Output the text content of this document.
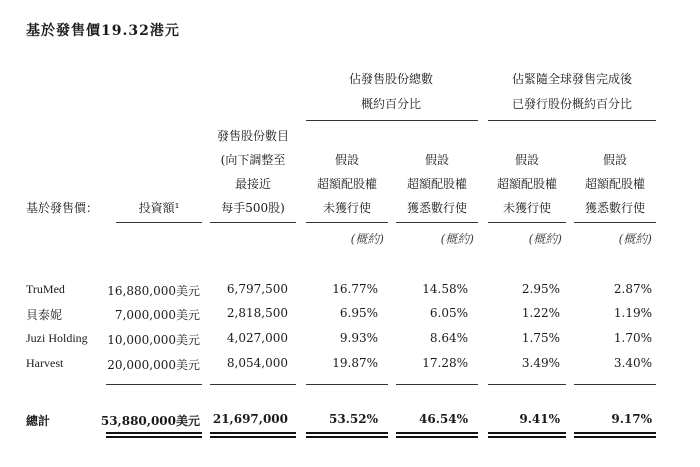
基於發售價19.32港元
佔發售股份總數
概約百分比
佔緊隨全球發售完成後
已發行股份概約百分比
基於發售價：	投資額¹
發售股份數目
(向下調整至
最接近
每手500股)
假設
超額配股權
未獲行使
假設
超額配股權
獲悉數行使
假設
超額配股權
未獲行使
假設
超額配股權
獲悉數行使
(概約)	(概約)	(概約)	(概約)
TruMed	16,880,000美元	6,797,500	16.77%	14.58%	2.95%	2.87%
貝泰妮	7,000,000美元	2,818,500	6.95%	6.05%	1.22%	1.19%
Juzi Holding	10,000,000美元	4,027,000	9.93%	8.64%	1.75%	1.70%
Harvest	20,000,000美元	8,054,000	19.87%	17.28%	3.49%	3.40%
總計	53,880,000美元	21,697,000	53.52%	46.54%	9.41%	9.17%
